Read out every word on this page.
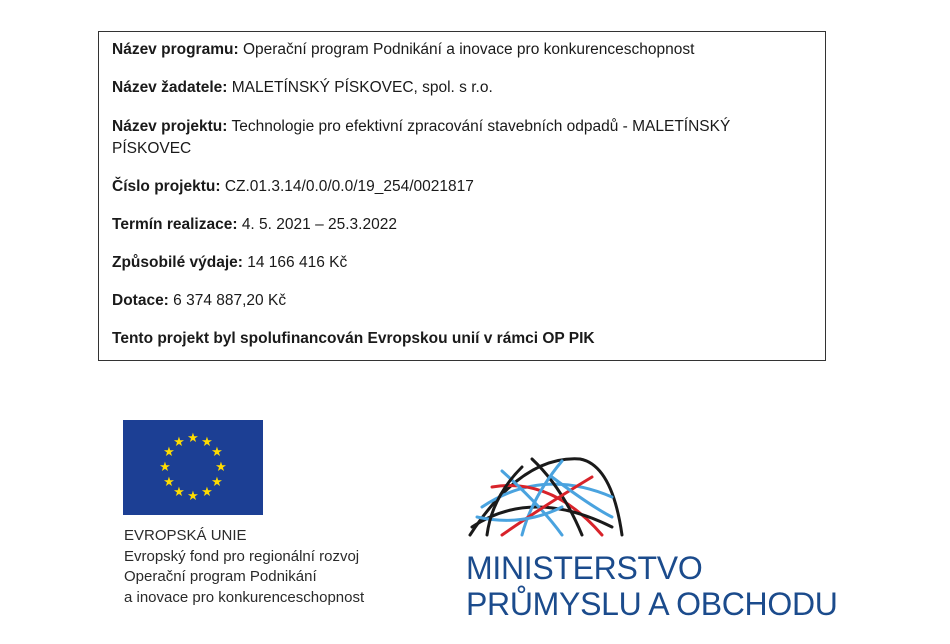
Název programu: Operační program Podnikání a inovace pro konkurenceschopnost
Název žadatele: MALETÍNSKÝ PÍSKOVEC, spol. s r.o.
Název projektu: Technologie pro efektivní zpracování stavebních odpadů - MALETÍNSKÝ
PÍSKOVEC
Číslo projektu: CZ.01.3.14/0.0/0.0/19_254/0021817
Termín realizace: 4. 5. 2021 – 25.3.2022
Způsobilé výdaje: 14 166 416 Kč
Dotace: 6 374 887,20 Kč
Tento projekt byl spolufinancován Evropskou unií v rámci OP PIK
★ ★
★
★
★
★
★
★
★
★
★
★
EVROPSKÁ UNIE
Evropský fond pro regionální rozvoj
Operační program Podnikání
a inovace pro konkurenceschopnost
MINISTERSTVO
PRŮMYSLU A OBCHODU
